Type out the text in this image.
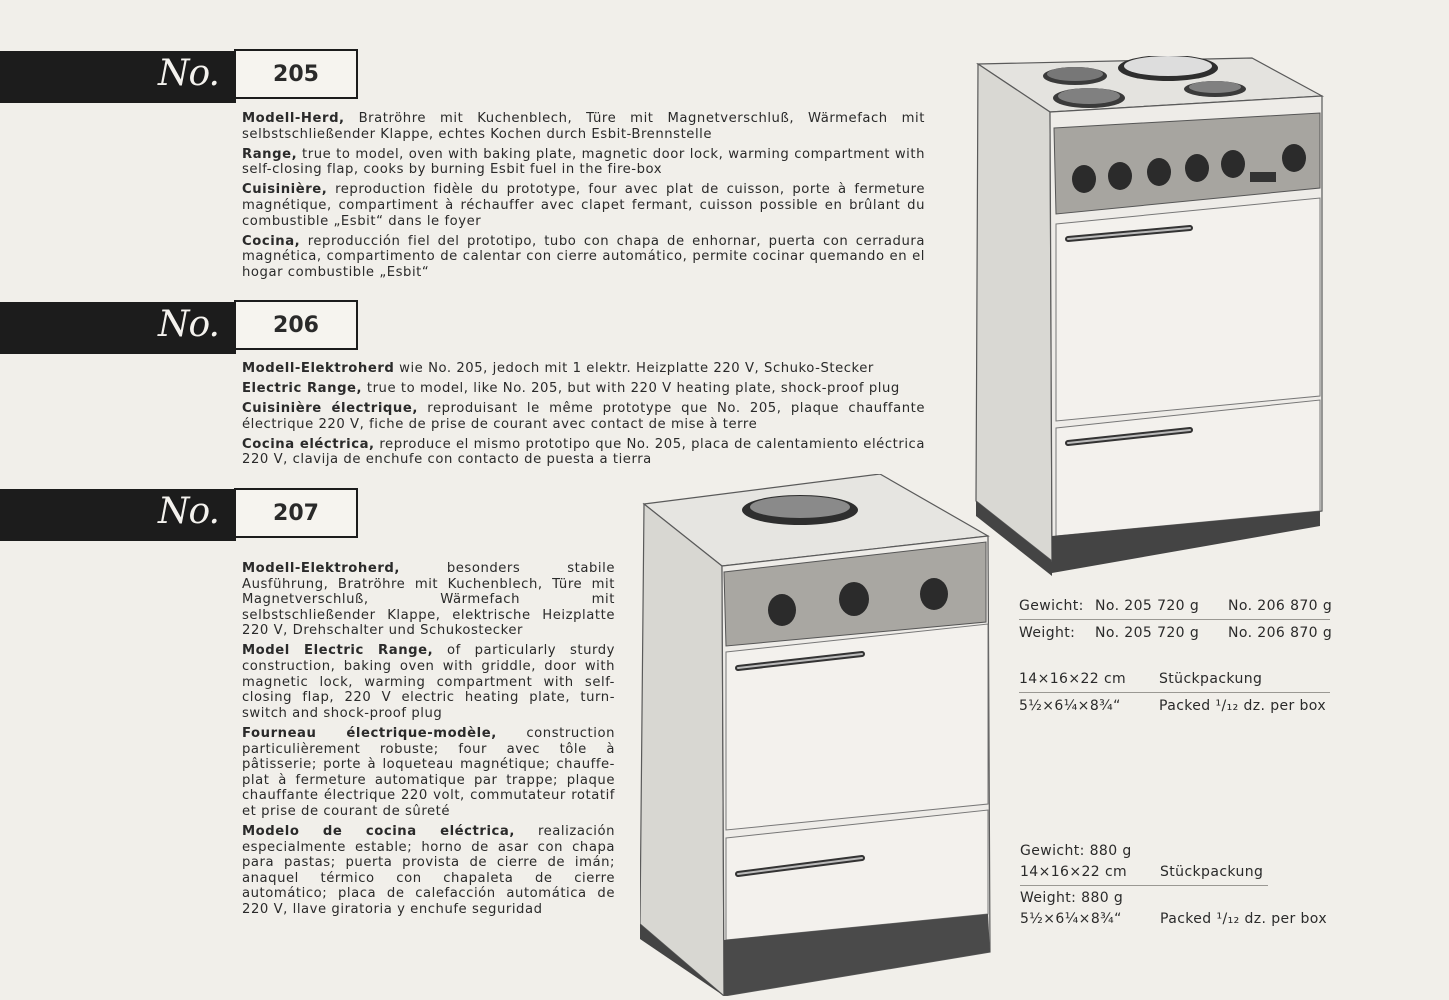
No.	205

Modell-Herd, Bratröhre mit Kuchenblech, Türe mit Magnetverschluß, Wärmefach mit selbstschließender Klappe, echtes Kochen durch Esbit-Brennstelle

Range, true to model, oven with baking plate, magnetic door lock, warming compartment with self-closing flap, cooks by burning Esbit fuel in the fire-box

Cuisinière, reproduction fidèle du prototype, four avec plat de cuisson, porte à fermeture magnétique, compartiment à réchauffer avec clapet fermant, cuisson possible en brûlant du combustible „Esbit“ dans le foyer

Cocina, reproducción fiel del prototipo, tubo con chapa de enhornar, puerta con cerradura magnética, compartimento de calentar con cierre automático, permite cocinar quemando en el hogar combustible „Esbit“

No.	206

Modell-Elektroherd wie No. 205, jedoch mit 1 elektr. Heizplatte 220 V, Schuko-Stecker

Electric Range, true to model, like No. 205, but with 220 V heating plate, shock-proof plug

Cuisinière électrique, reproduisant le même prototype que No. 205, plaque chauffante électrique 220 V, fiche de prise de courant avec contact de mise à terre

Cocina eléctrica, reproduce el mismo prototipo que No. 205, placa de calentamiento eléctrica 220 V, clavija de enchufe con contacto de puesta a tierra

No.	207

Modell-Elektroherd, besonders stabile Ausführung, Bratröhre mit Kuchenblech, Türe mit Magnetverschluß, Wärmefach mit selbstschließender Klappe, elektrische Heizplatte 220 V, Drehschalter und Schukostecker

Model Electric Range, of particularly sturdy construction, baking oven with griddle, door with magnetic lock, warming compartment with self-closing flap, 220 V electric heating plate, turn-switch and shock-proof plug

Fourneau électrique-modèle, construction particulièrement robuste; four avec tôle à pâtisserie; porte à loqueteau magnétique; chauffe-plat à fermeture automatique par trappe; plaque chauffante électrique 220 volt, commutateur rotatif et prise de courant de sûreté

Modelo de cocina eléctrica, realización especialmente estable; horno de asar con chapa para pastas; puerta provista de cierre de imán; anaquel térmico con chapaleta de cierre automático; placa de calefacción automática de 220 V, llave giratoria y enchufe seguridad

Gewicht: No. 205 720 g No. 206 870 g
Weight: No. 205 720 g No. 206 870 g
14×16×22 cm Stückpackung
5½×6¼×8¾“	Packed ¹/₁₂ dz. per box
Gewicht: 880 g
14×16×22 cm Stückpackung
Weight: 880 g
5½×6¼×8¾“	Packed ¹/₁₂ dz. per box
